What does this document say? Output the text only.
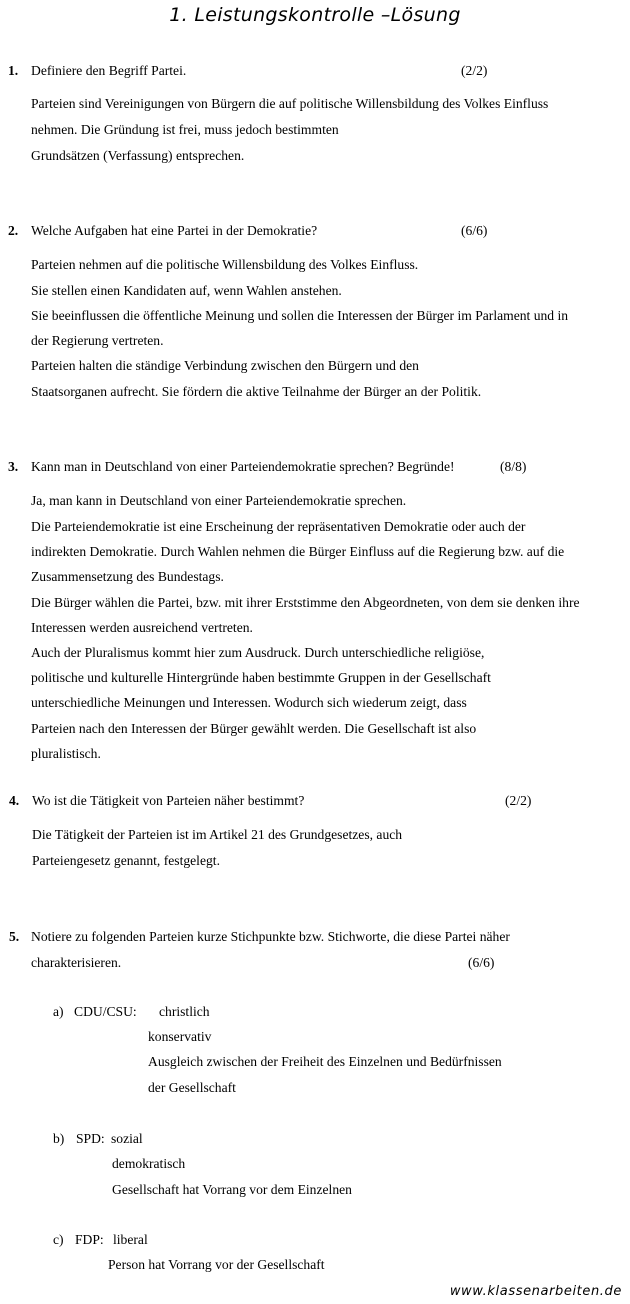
1. Leistungskontrolle –Lösung
1. Definiere den Begriff Partei.	(2/2)
Parteien sind Vereinigungen von Bürgern die auf politische Willensbildung des Volkes Einfluss
nehmen. Die Gründung ist frei, muss jedoch bestimmten
Grundsätzen (Verfassung) entsprechen.
2. Welche Aufgaben hat eine Partei in der Demokratie?	(6/6)
Parteien nehmen auf die politische Willensbildung des Volkes Einfluss.
Sie stellen einen Kandidaten auf, wenn Wahlen anstehen.
Sie beeinflussen die öffentliche Meinung und sollen die Interessen der Bürger im Parlament und in
der Regierung vertreten.
Parteien halten die ständige Verbindung zwischen den Bürgern und den
Staatsorganen aufrecht. Sie fördern die aktive Teilnahme der Bürger an der Politik.
3. Kann man in Deutschland von einer Parteiendemokratie sprechen? Begründe!	(8/8)
Ja, man kann in Deutschland von einer Parteiendemokratie sprechen.
Die Parteiendemokratie ist eine Erscheinung der repräsentativen Demokratie oder auch der
indirekten Demokratie. Durch Wahlen nehmen die Bürger Einfluss auf die Regierung bzw. auf die
Zusammensetzung des Bundestags.
Die Bürger wählen die Partei, bzw. mit ihrer Erststimme den Abgeordneten, von dem sie denken ihre
Interessen werden ausreichend vertreten.
Auch der Pluralismus kommt hier zum Ausdruck. Durch unterschiedliche religiöse,
politische und kulturelle Hintergründe haben bestimmte Gruppen in der Gesellschaft
unterschiedliche Meinungen und Interessen. Wodurch sich wiederum zeigt, dass
Parteien nach den Interessen der Bürger gewählt werden. Die Gesellschaft ist also
pluralistisch.
4. Wo ist die Tätigkeit von Parteien näher bestimmt?	(2/2)
Die Tätigkeit der Parteien ist im Artikel 21 des Grundgesetzes, auch
Parteiengesetz genannt, festgelegt.
5. Notiere zu folgenden Parteien kurze Stichpunkte bzw. Stichworte, die diese Partei näher
charakterisieren.	(6/6)
a) CDU/CSU: christlich
konservativ
Ausgleich zwischen der Freiheit des Einzelnen und Bedürfnissen
der Gesellschaft
b) SPD: sozial
demokratisch
Gesellschaft hat Vorrang vor dem Einzelnen
c) FDP: liberal
Person hat Vorrang vor der Gesellschaft
www.klassenarbeiten.de
